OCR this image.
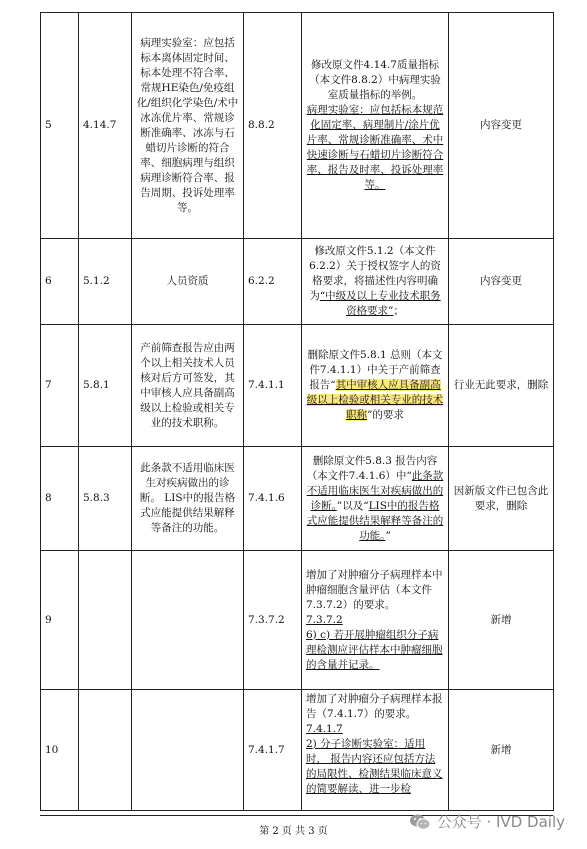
5	4.14.7	病理实验室：应包括标本离体固定时间、标本处理不符合率、常规HE染色/免疫组化/组织化学染色/术中冰冻优片率、常规诊断准确率、冰冻与石蜡切片诊断的符合率、细胞病理与组织病理诊断符合率、报告周期、投诉处理率等。	8.8.2	修改原文件4.14.7质量指标（本文件8.8.2）中病理实验室质量指标的举例。
病理实验室：应包括标本规范化固定率、病理制片/涂片优片率、常规诊断准确率、术中快速诊断与石蜡切片诊断符合率、报告及时率、投诉处理率等。	内容变更
6	5.1.2	人员资质	6.2.2	修改原文件5.1.2（本文件6.2.2）关于授权签字人的资格要求，将描述性内容明确为“中级及以上专业技术职务资格要求”；	内容变更
7	5.8.1	产前筛查报告应由两个以上相关技术人员核对后方可签发，其中审核人应具备副高级以上检验或相关专业的技术职称。	7.4.1.1	删除原文件5.8.1 总则（本文件7.4.1.1）中关于产前筛查报告“其中审核人应具备副高级以上检验或相关专业的技术职称”的要求	行业无此要求，删除
8	5.8.3	此条款不适用临床医生对疾病做出的诊断。 LIS中的报告格式应能提供结果解释等备注的功能。	7.4.1.6	删除原文件5.8.3 报告内容（本文件7.4.1.6）中“此条款不适用临床医生对疾病做出的诊断。”以及“LIS中的报告格式应能提供结果解释等备注的功能。”	因新版文件已包含此要求，删除
9			7.3.7.2	增加了对肿瘤分子病理样本中肿瘤细胞含量评估（本文件7.3.7.2）的要求。
7.3.7.2
6) c) 若开展肿瘤组织分子病理检测应评估样本中肿瘤细胞的含量并记录。	新增
10			7.4.1.7	增加了对肿瘤分子病理样本报告（7.4.1.7）的要求。
7.4.1.7
2) 分子诊断实验室：适用时， 报告内容还应包括方法的局限性、检测结果临床意义的简要解读、进一步检	新增
第 2 页 共 3 页
公众号 · IVD Daily
